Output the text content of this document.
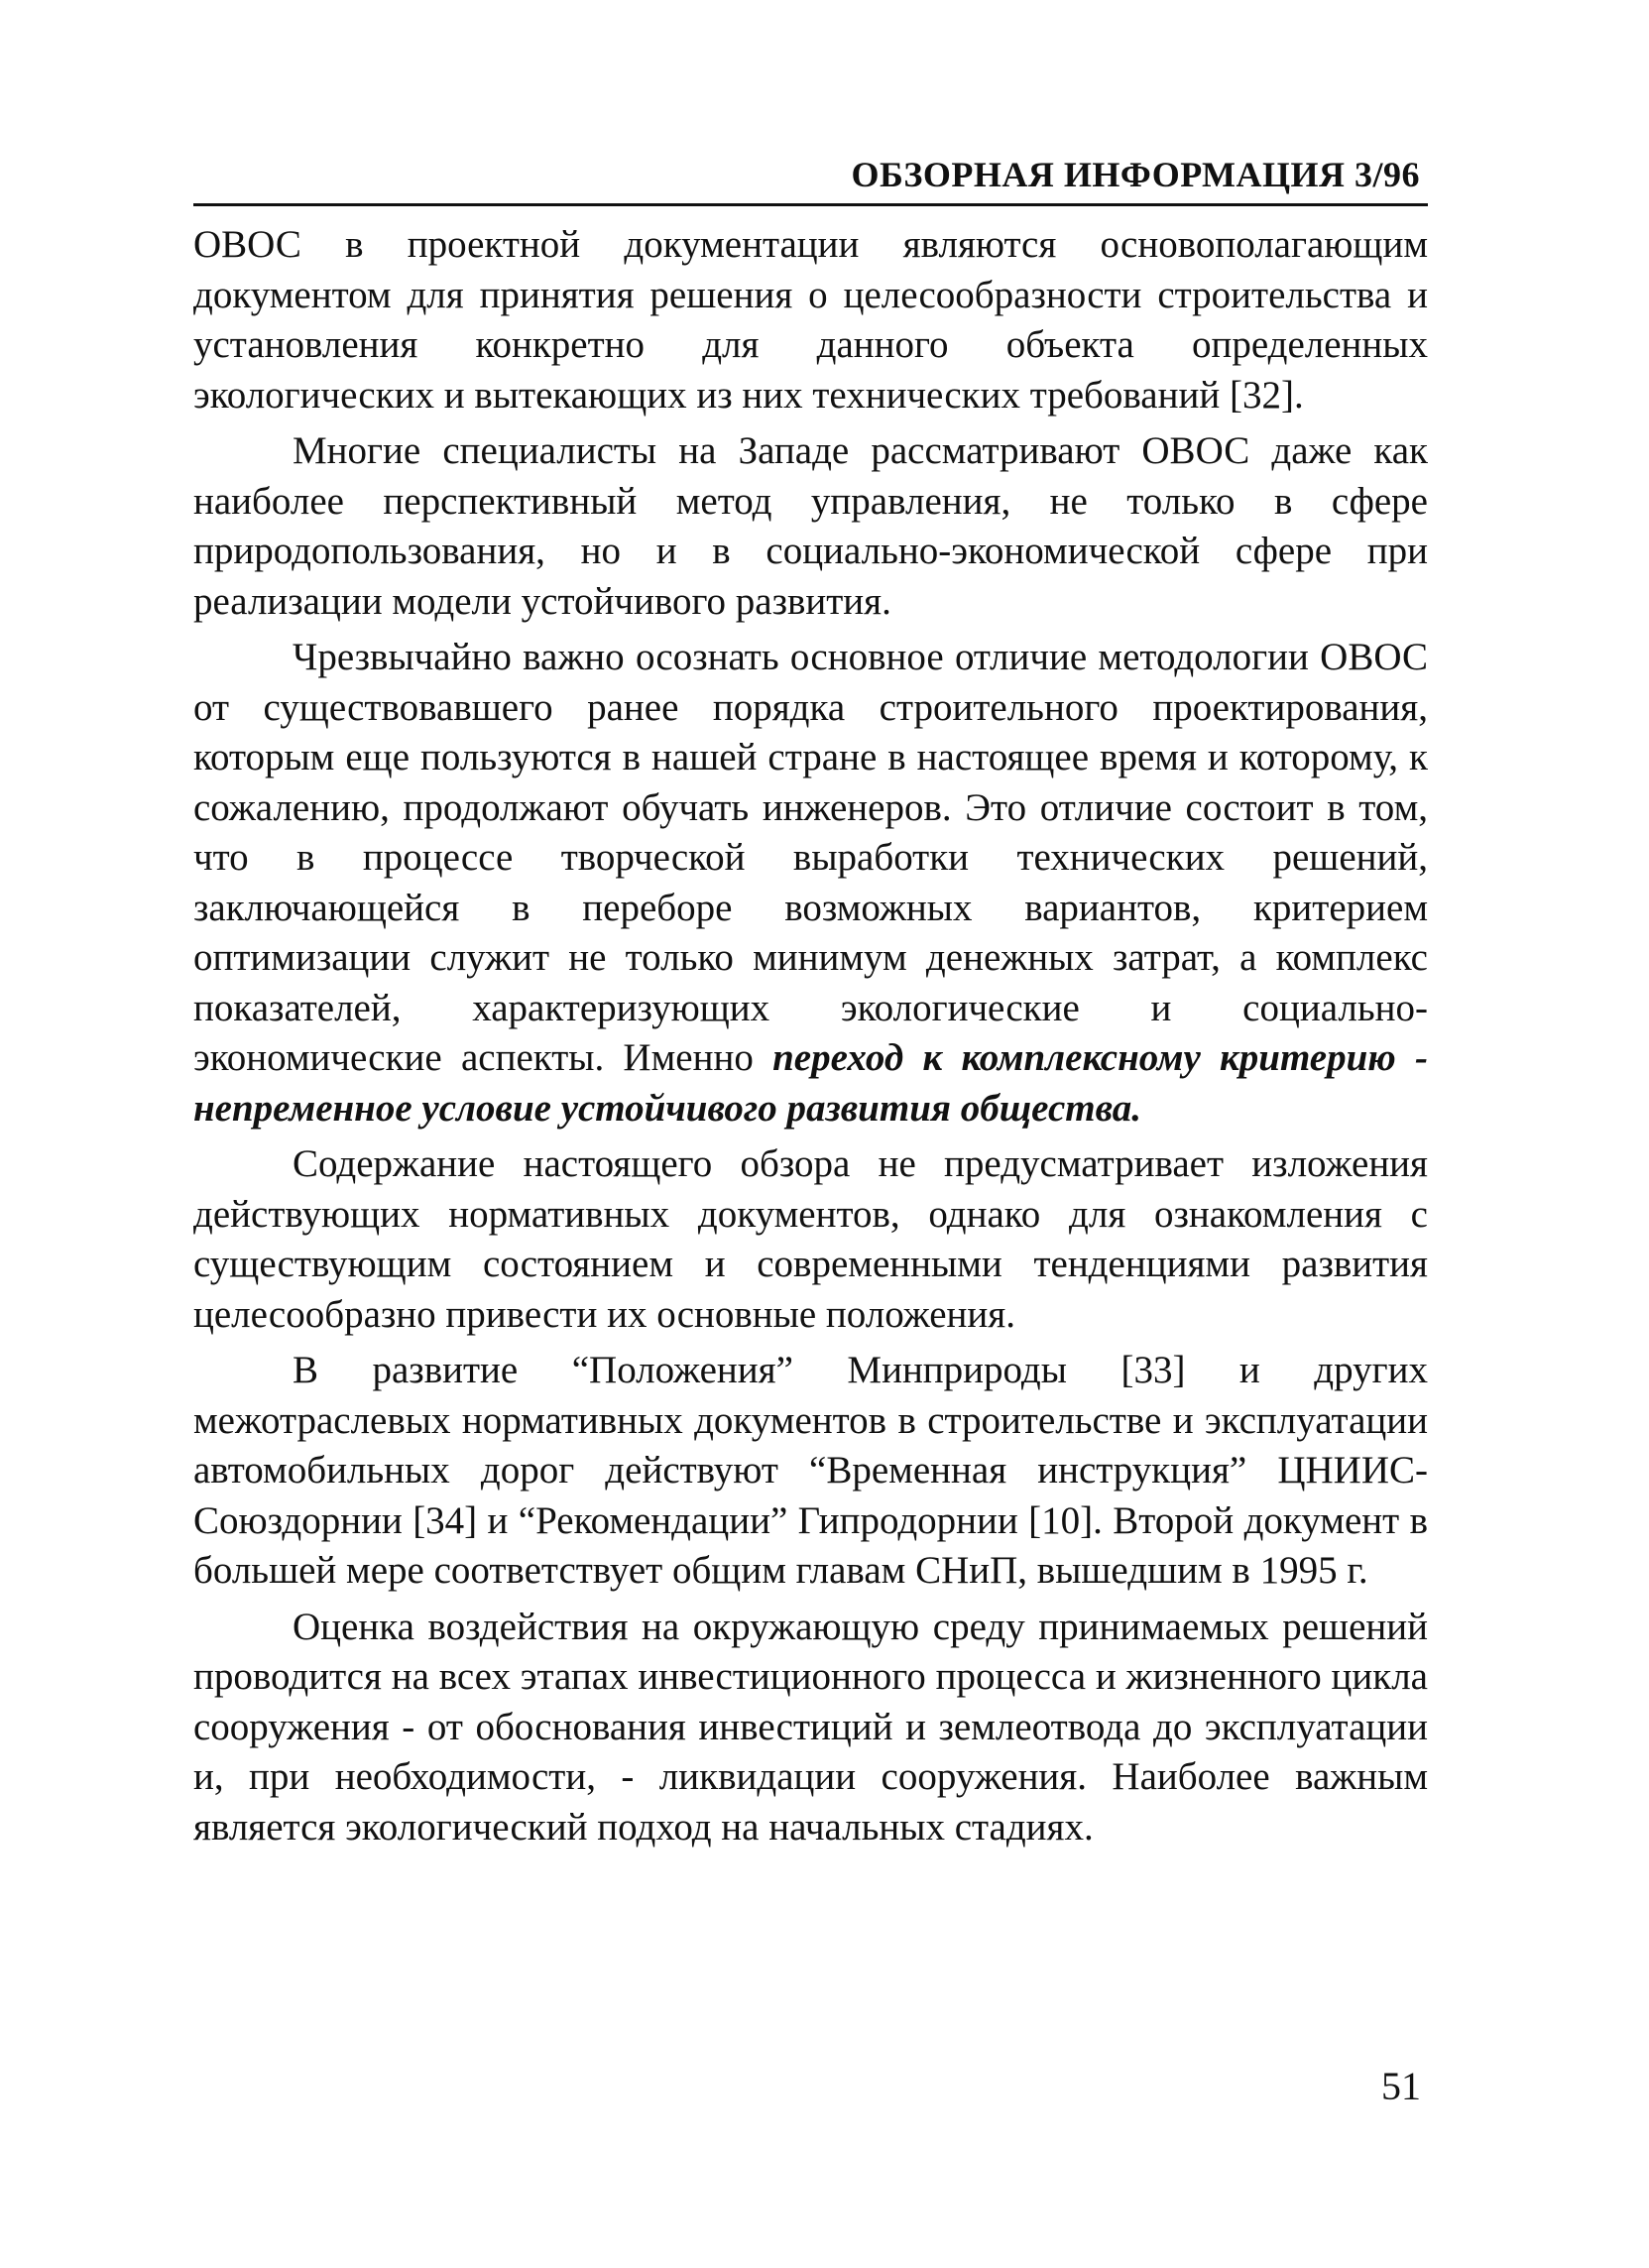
ОБЗОРНАЯ ИНФОРМАЦИЯ 3/96

ОВОС в проектной документации являются основополагающим документом для принятия решения о целесообразности строительства и установления конкретно для данного объекта определенных экологических и вытекающих из них технических требований [32].

Многие специалисты на Западе рассматривают ОВОС даже как наиболее перспективный метод управления, не только в сфере природопользования, но и в социально-экономической сфере при реализации модели устойчивого развития.

Чрезвычайно важно осознать основное отличие методологии ОВОС от существовавшего ранее порядка строительного проектирования, которым еще пользуются в нашей стране в настоящее время и которому, к сожалению, продолжают обучать инженеров. Это отличие состоит в том, что в процессе творческой выработки технических решений, заключающейся в переборе возможных вариантов, критерием оптимизации служит не только минимум денежных затрат, а комплекс показателей, характеризующих экологические и социально-экономические аспекты. Именно переход к комплексному критерию - непременное условие устойчивого развития общества.

Содержание настоящего обзора не предусматривает изложения действующих нормативных документов, однако для ознакомления с существующим состоянием и современными тенденциями развития целесообразно привести их основные положения.

В развитие “Положения” Минприроды [33] и других межотраслевых нормативных документов в строительстве и эксплуатации автомобильных дорог действуют “Временная инструкция” ЦНИИС-Союздорнии [34] и “Рекомендации” Гипродорнии [10]. Второй документ в большей мере соответствует общим главам СНиП, вышедшим в 1995 г.

Оценка воздействия на окружающую среду принимаемых решений проводится на всех этапах инвестиционного процесса и жизненного цикла сооружения - от обоснования инвестиций и землеотвода до эксплуатации и, при необходимости, - ликвидации сооружения. Наиболее важным является экологический подход на начальных стадиях.

51
